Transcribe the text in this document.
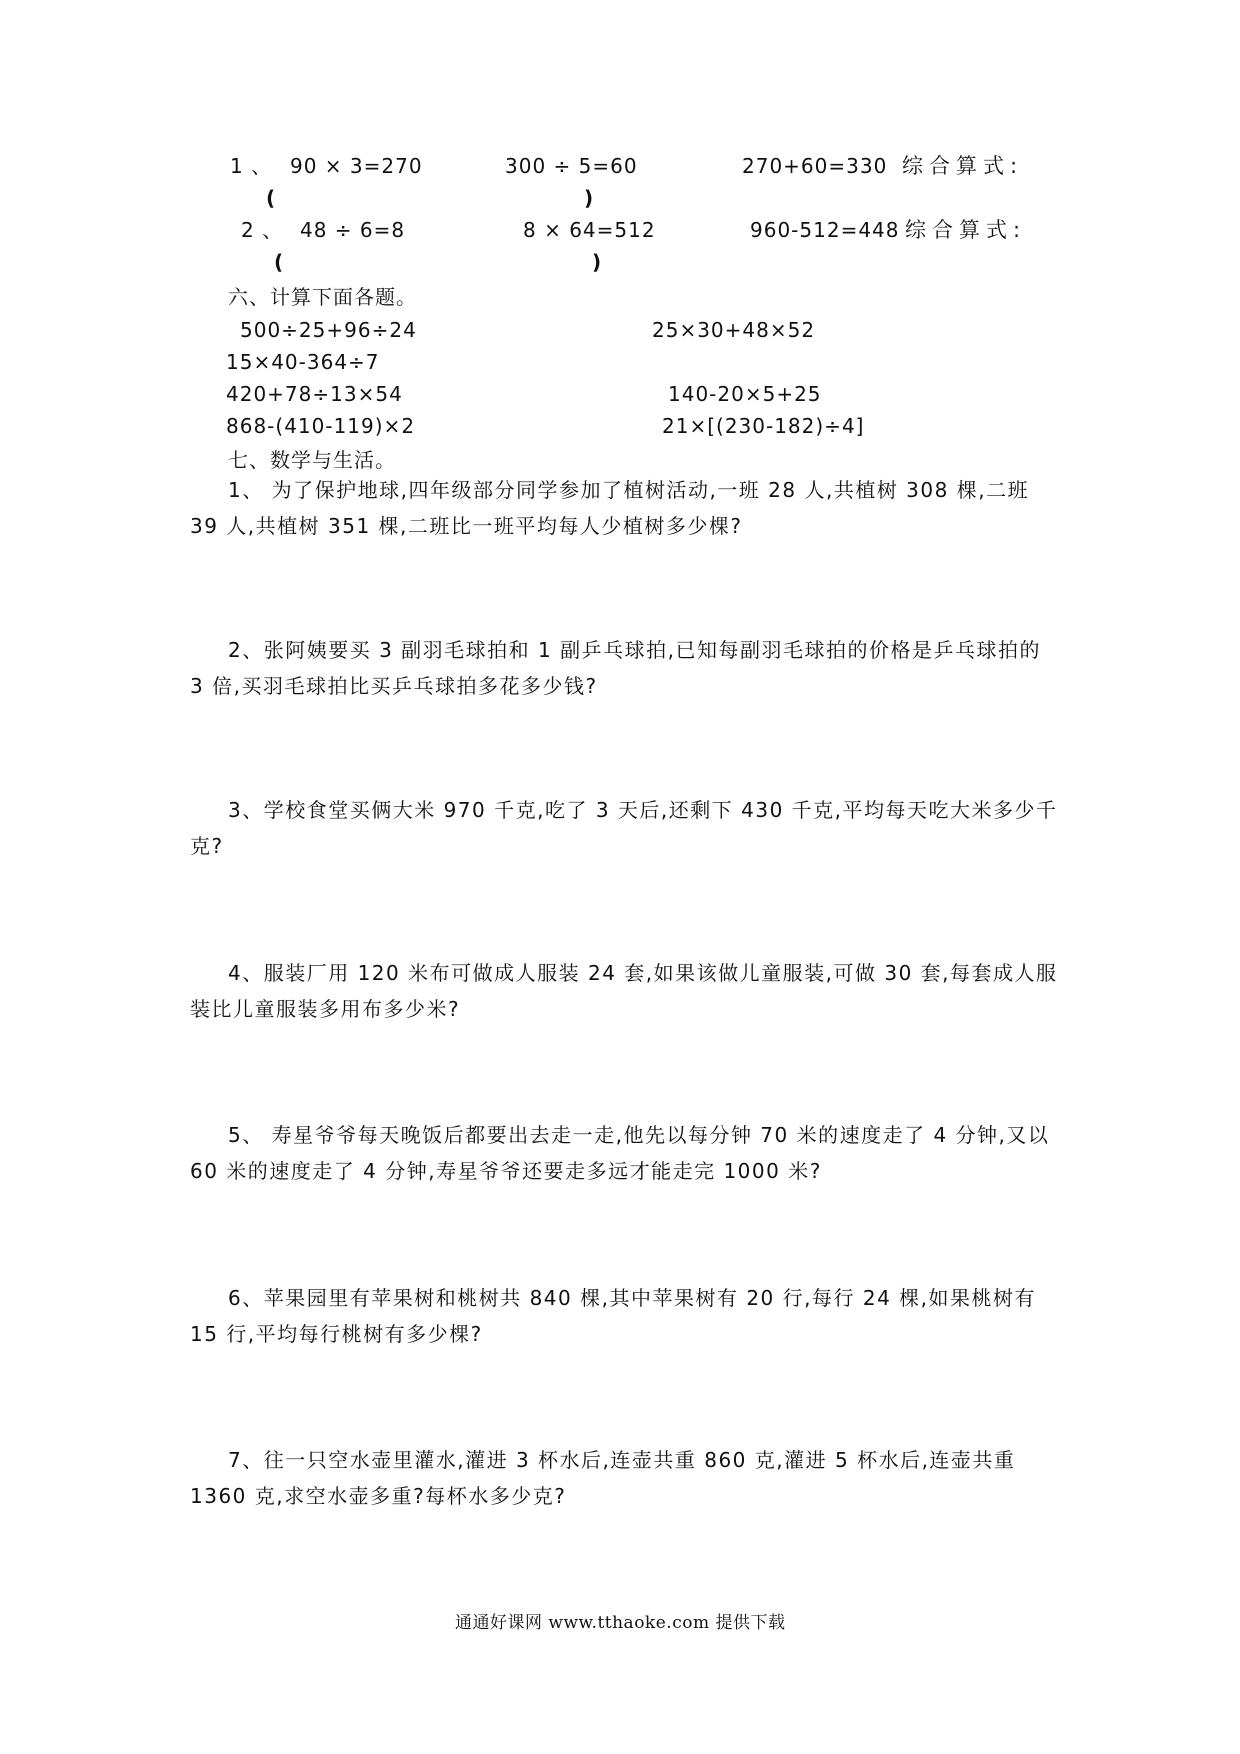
1 、 90 × 3=270	300 ÷ 5=60	270+60=330 综合算式:
(	)
2 、 48 ÷ 6=8	8 × 64=512	960-512=448 综合算式:
(	)
六、计算下面各题。
500÷25+96÷24	25×30+48×52
15×40-364÷7
420+78÷13×54	140-20×5+25
868-(410-119)×2	21×[(230-182)÷4]
七、数学与生活。
1、 为了保护地球,四年级部分同学参加了植树活动,一班 28 人,共植树 308 棵,二班 39 人,共植树 351 棵,二班比一班平均每人少植树多少棵?
2、张阿姨要买 3 副羽毛球拍和 1 副乒乓球拍,已知每副羽毛球拍的价格是乒乓球拍的 3 倍,买羽毛球拍比买乒乓球拍多花多少钱?
3、学校食堂买俩大米 970 千克,吃了 3 天后,还剩下 430 千克,平均每天吃大米多少千克?
4、服装厂用 120 米布可做成人服装 24 套,如果该做儿童服装,可做 30 套,每套成人服装比儿童服装多用布多少米?
5、 寿星爷爷每天晚饭后都要出去走一走,他先以每分钟 70 米的速度走了 4 分钟,又以 60 米的速度走了 4 分钟,寿星爷爷还要走多远才能走完 1000 米?
6、苹果园里有苹果树和桃树共 840 棵,其中苹果树有 20 行,每行 24 棵,如果桃树有 15 行,平均每行桃树有多少棵?
7、往一只空水壶里灌水,灌进 3 杯水后,连壶共重 860 克,灌进 5 杯水后,连壶共重 1360 克,求空水壶多重?每杯水多少克?
通通好课网 www.tthaoke.com 提供下载
